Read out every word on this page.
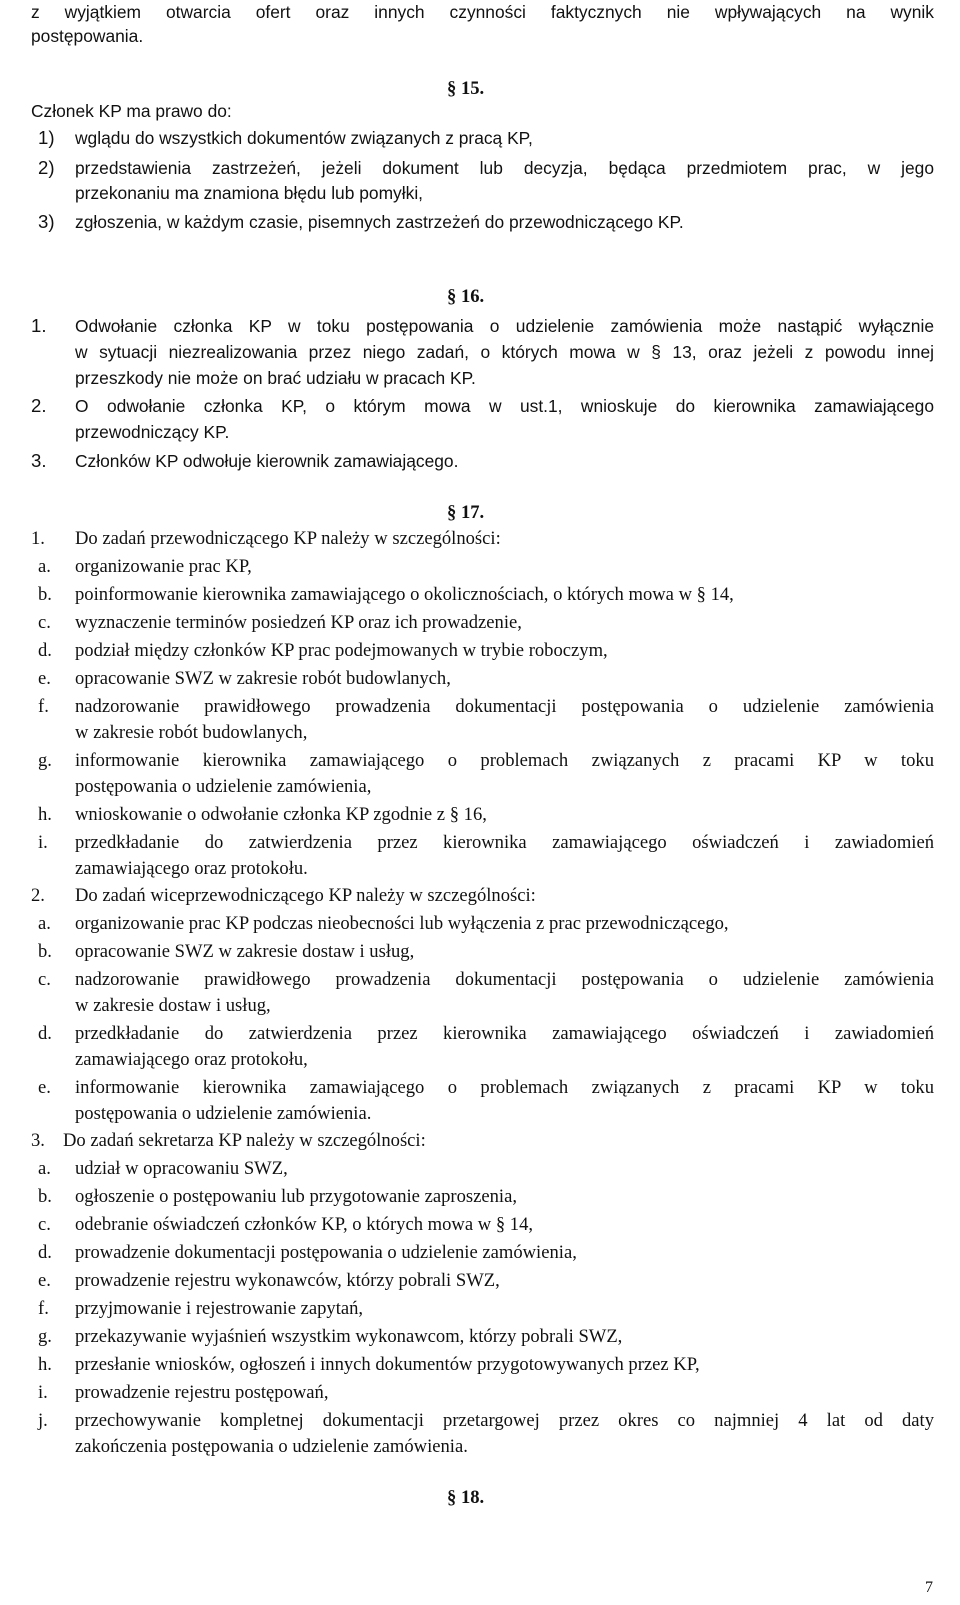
z wyjątkiem otwarcia ofert oraz innych czynności faktycznych nie wpływających na wynik
postępowania.
§ 15.
Członek KP ma prawo do:
1) wglądu do wszystkich dokumentów związanych z pracą KP,
2) przedstawienia zastrzeżeń, jeżeli dokument lub decyzja, będąca przedmiotem prac, w jego
przekonaniu ma znamiona błędu lub pomyłki,
3) zgłoszenia, w każdym czasie, pisemnych zastrzeżeń do przewodniczącego KP.
§ 16.
1. Odwołanie członka KP w toku postępowania o udzielenie zamówienia może nastąpić wyłącznie
w sytuacji niezrealizowania przez niego zadań, o których mowa w § 13, oraz jeżeli z powodu innej
przeszkody nie może on brać udziału w pracach KP.
2. O odwołanie członka KP, o którym mowa w ust.1, wnioskuje do kierownika zamawiającego
przewodniczący KP.
3. Członków KP odwołuje kierownik zamawiającego.
§ 17.
1. Do zadań przewodniczącego KP należy w szczególności:
a. organizowanie prac KP,
b. poinformowanie kierownika zamawiającego o okolicznościach, o których mowa w § 14,
c. wyznaczenie terminów posiedzeń KP oraz ich prowadzenie,
d. podział między członków KP prac podejmowanych w trybie roboczym,
e. opracowanie SWZ w zakresie robót budowlanych,
f. nadzorowanie prawidłowego prowadzenia dokumentacji postępowania o udzielenie zamówienia
w zakresie robót budowlanych,
g. informowanie kierownika zamawiającego o problemach związanych z pracami KP w toku
postępowania o udzielenie zamówienia,
h. wnioskowanie o odwołanie członka KP zgodnie z § 16,
i. przedkładanie do zatwierdzenia przez kierownika zamawiającego oświadczeń i zawiadomień
zamawiającego oraz protokołu.
2. Do zadań wiceprzewodniczącego KP należy w szczególności:
a. organizowanie prac KP podczas nieobecności lub wyłączenia z prac przewodniczącego,
b. opracowanie SWZ w zakresie dostaw i usług,
c. nadzorowanie prawidłowego prowadzenia dokumentacji postępowania o udzielenie zamówienia
w zakresie dostaw i usług,
d. przedkładanie do zatwierdzenia przez kierownika zamawiającego oświadczeń i zawiadomień
zamawiającego oraz protokołu,
e. informowanie kierownika zamawiającego o problemach związanych z pracami KP w toku
postępowania o udzieleniе zamówienia.
3. Do zadań sekretarza KP należy w szczególności:
a. udział w opracowaniu SWZ,
b. ogłoszenie o postępowaniu lub przygotowanie zaproszenia,
c. odebranie oświadczeń członków KP, o których mowa w § 14,
d. prowadzenie dokumentacji postępowania o udzielenie zamówienia,
e. prowadzenie rejestru wykonawców, którzy pobrali SWZ,
f. przyjmowanie i rejestrowanie zapytań,
g. przekazywanie wyjaśnień wszystkim wykonawcom, którzy pobrali SWZ,
h. przesłanie wniosków, ogłoszeń i innych dokumentów przygotowywanych przez KP,
i. prowadzenie rejestru postępowań,
j. przechowywanie kompletnej dokumentacji przetargowej przez okres co najmniej 4 lat od daty
zakończenia postępowania o udzielenie zamówienia.
§ 18.
7
